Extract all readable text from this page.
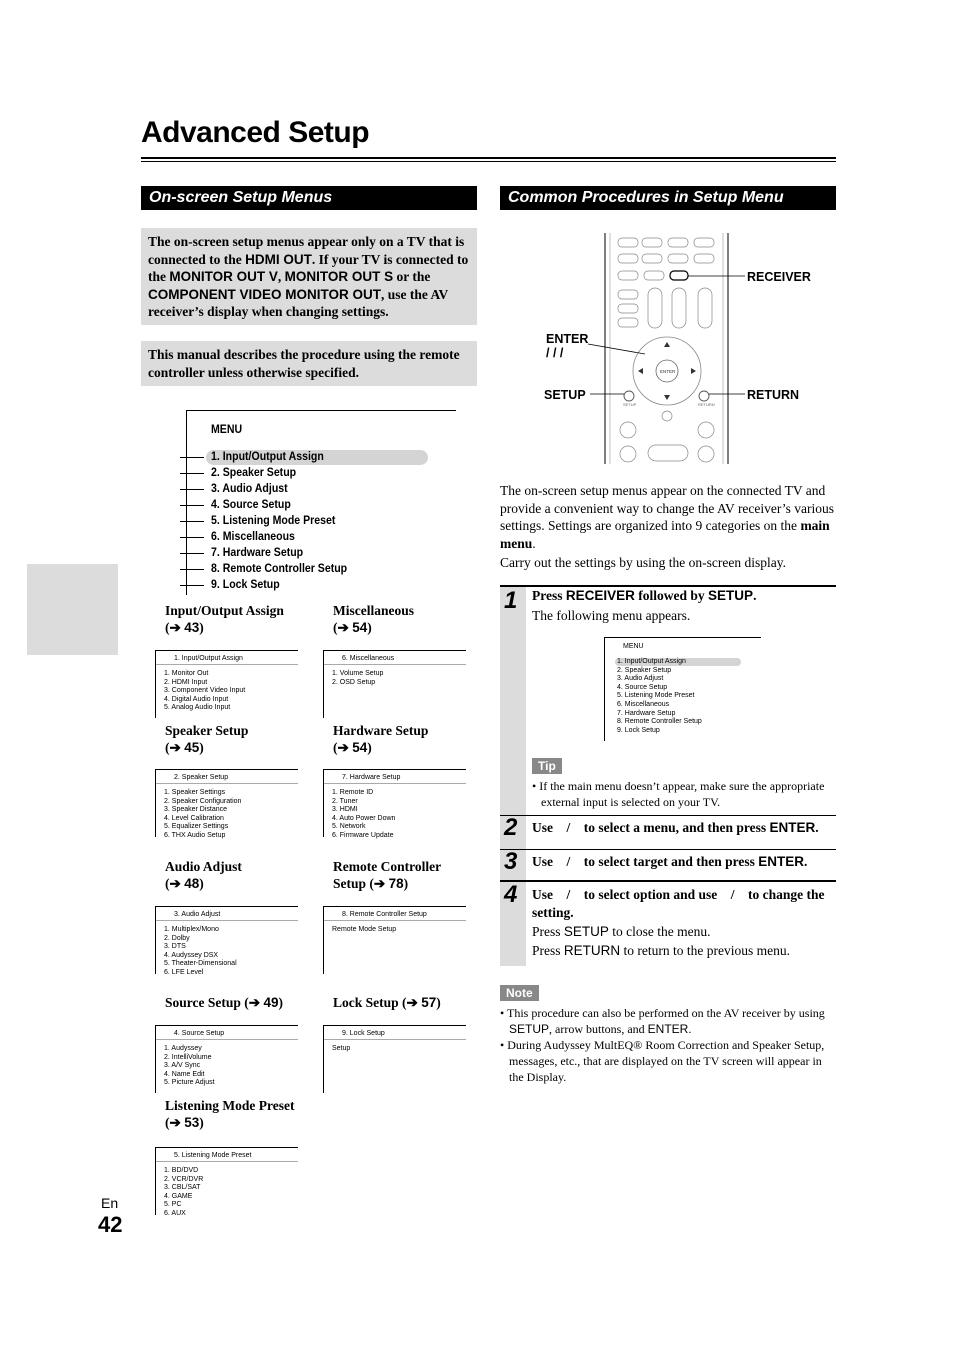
Advanced Setup
On-screen Setup Menus
The on-screen setup menus appear only on a TV that is connected to the HDMI OUT. If your TV is connected to the MONITOR OUT V, MONITOR OUT S or the COMPONENT VIDEO MONITOR OUT, use the AV receiver’s display when changing settings.
This manual describes the procedure using the remote controller unless otherwise specified.
MENU
1. Input/Output Assign
2. Speaker Setup
3. Audio Adjust
4. Source Setup
5. Listening Mode Preset
6. Miscellaneous
7. Hardware Setup
8. Remote Controller Setup
9. Lock Setup
Input/Output Assign
(➔ 43)
1. Input/Output Assign
1. Monitor Out
2. HDMI Input
3. Component Video Input
4. Digital Audio Input
5. Analog Audio Input
Miscellaneous
(➔ 54)
6. Miscellaneous
1. Volume Setup
2. OSD Setup
Speaker Setup
(➔ 45)
2. Speaker Setup
1. Speaker Settings
2. Speaker Configuration
3. Speaker Distance
4. Level Calibration
5. Equalizer Settings
6. THX Audio Setup
Hardware Setup
(➔ 54)
7. Hardware Setup
1. Remote ID
2. Tuner
3. HDMI
4. Auto Power Down
5. Network
6. Firmware Update
Audio Adjust
(➔ 48)
3. Audio Adjust
1. Multiplex/Mono
2. Dolby
3. DTS
4. Audyssey DSX
5. Theater-Dimensional
6. LFE Level
Remote Controller
Setup (➔ 78)
8. Remote Controller Setup
Remote Mode Setup
Source Setup (➔ 49)
4. Source Setup
1. Audyssey
2. IntelliVolume
3. A/V Sync
4. Name Edit
5. Picture Adjust
Lock Setup (➔ 57)
9. Lock Setup
Setup
Listening Mode Preset
(➔ 53)
5. Listening Mode Preset
1. BD/DVD
2. VCR/DVR
3. CBL/SAT
4. GAME
5. PC
6. AUX
Common Procedures in Setup Menu
ENTER
SETUP	RETURN
RECEIVER
ENTER
/ / /
SETUP	RETURN
The on-screen setup menus appear on the connected TV and provide a convenient way to change the AV receiver’s various settings. Settings are organized into 9 categories on the main menu.
Carry out the settings by using the on-screen display.
1 Press RECEIVER followed by SETUP.
The following menu appears.
MENU
1. Input/Output Assign
2. Speaker Setup
3. Audio Adjust
4. Source Setup
5. Listening Mode Preset
6. Miscellaneous
7. Hardware Setup
8. Remote Controller Setup
9. Lock Setup
Tip
• If the main menu doesn’t appear, make sure the appropriate external input is selected on your TV.
2 Use    /    to select a menu, and then press ENTER.
3 Use    /    to select target and then press ENTER.
4 Use    /    to select option and use    /    to change the setting.
Press SETUP to close the menu.
Press RETURN to return to the previous menu.
Note
• This procedure can also be performed on the AV receiver by using SETUP, arrow buttons, and ENTER.
• During Audyssey MultEQ® Room Correction and Speaker Setup, messages, etc., that are displayed on the TV screen will appear in the Display.
En
42
